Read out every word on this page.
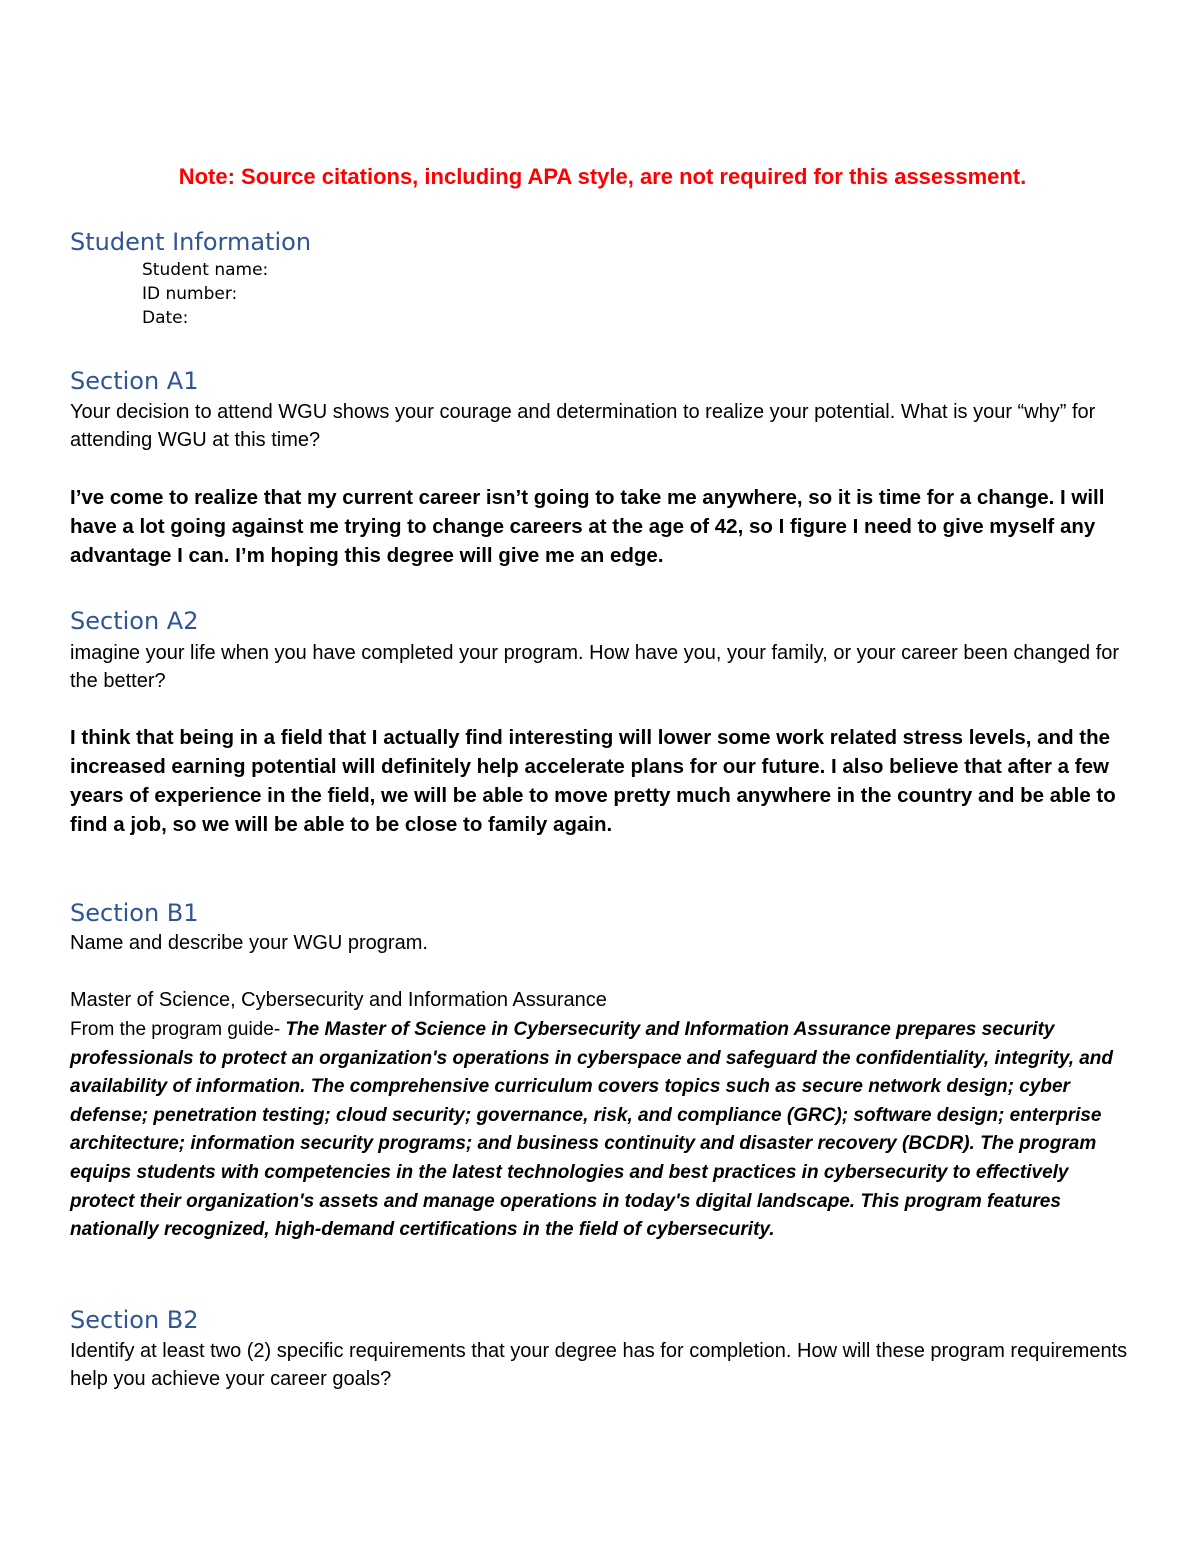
Note: Source citations, including APA style, are not required for this assessment.
Student Information
Student name:
ID number:
Date:
Section A1
Your decision to attend WGU shows your courage and determination to realize your potential. What is your “why” for attending WGU at this time?
I’ve come to realize that my current career isn’t going to take me anywhere, so it is time for a change. I will have a lot going against me trying to change careers at the age of 42, so I figure I need to give myself any advantage I can. I’m hoping this degree will give me an edge.
Section A2
imagine your life when you have completed your program. How have you, your family, or your career been changed for the better?
I think that being in a field that I actually find interesting will lower some work related stress levels, and the increased earning potential will definitely help accelerate plans for our future. I also believe that after a few years of experience in the field, we will be able to move pretty much anywhere in the country and be able to find a job, so we will be able to be close to family again.
Section B1
Name and describe your WGU program.
Master of Science, Cybersecurity and Information Assurance
From the program guide- The Master of Science in Cybersecurity and Information Assurance prepares security professionals to protect an organization's operations in cyberspace and safeguard the confidentiality, integrity, and availability of information. The comprehensive curriculum covers topics such as secure network design; cyber defense; penetration testing; cloud security; governance, risk, and compliance (GRC); software design; enterprise architecture; information security programs; and business continuity and disaster recovery (BCDR). The program equips students with competencies in the latest technologies and best practices in cybersecurity to effectively protect their organization's assets and manage operations in today's digital landscape. This program features nationally recognized, high-demand certifications in the field of cybersecurity.
Section B2
Identify at least two (2) specific requirements that your degree has for completion. How will these program requirements help you achieve your career goals?
